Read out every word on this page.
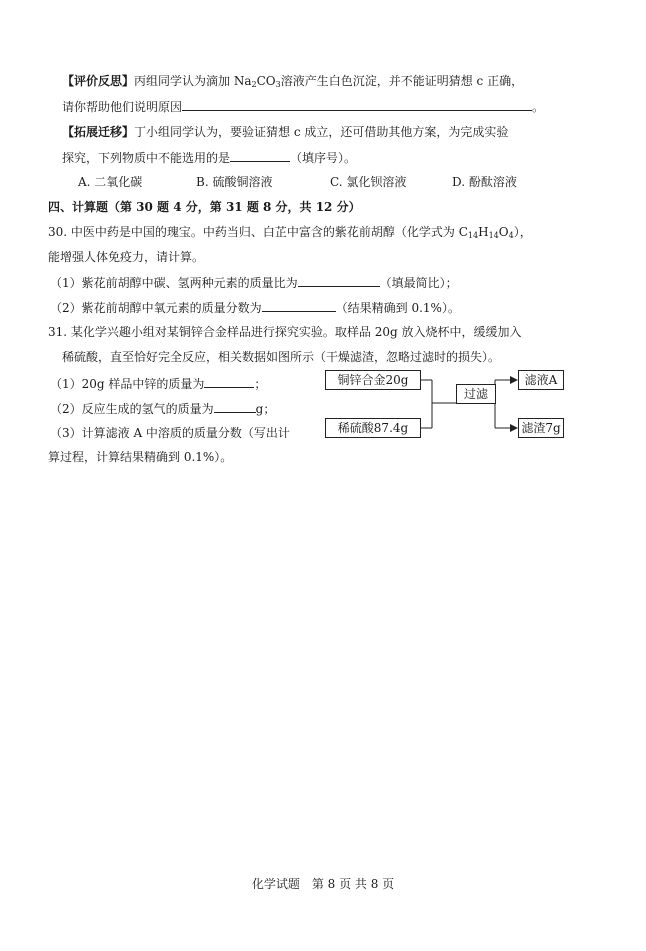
【评价反思】丙组同学认为滴加 $Na_2CO_3$溶液产生白色沉淀，并不能证明猜想 c 正确，
请你帮助他们说明原因	。
【拓展迁移】丁小组同学认为，要验证猜想 c 成立，还可借助其他方案，为完成实验
探究，下列物质中不能选用的是	（填序号）。
A. 二氧化碳	B. 硫酸铜溶液	C. 氯化钡溶液	D. 酚酞溶液
四、计算题（第 30 题 4 分，第 31 题 8 分，共 12 分）
30. 中医中药是中国的瑰宝。中药当归、白芷中富含的紫花前胡醇（化学式为 $C_{14}H_{14}O_4$），
能增强人体免疫力，请计算。
（1）紫花前胡醇中碳、氢两种元素的质量比为	（填最简比）；
（2）紫花前胡醇中氧元素的质量分数为	（结果精确到 0.1%）。
31. 某化学兴趣小组对某铜锌合金样品进行探究实验。取样品 20g 放入烧杯中，缓缓加入
稀硫酸，直至恰好完全反应，相关数据如图所示（干燥滤渣，忽略过滤时的损失）。
（1）20g 样品中锌的质量为	；
（2）反应生成的氢气的质量为	g；
（3）计算滤液 A 中溶质的质量分数（写出计
算过程，计算结果精确到 0.1%）。
铜锌合金20g
稀硫酸87.4g
过滤
滤液A
滤渣7g
化学试题　第 8 页 共 8 页
